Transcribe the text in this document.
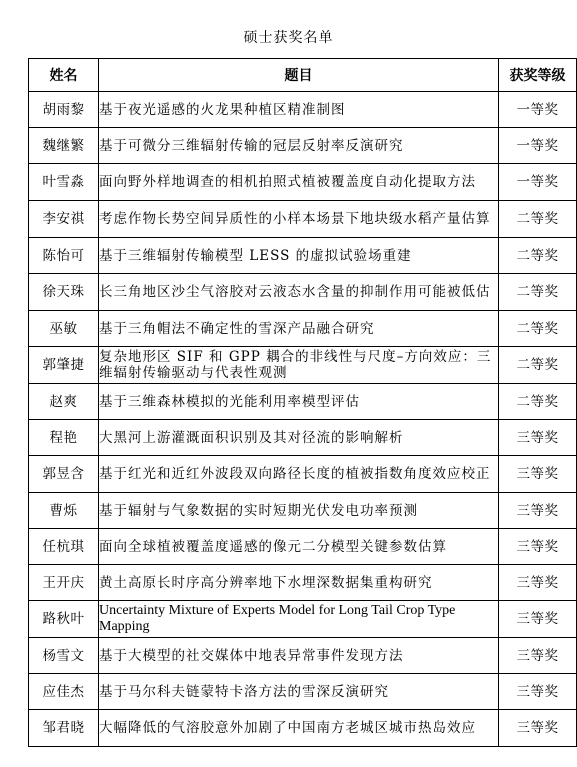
硕士获奖名单
姓名	题目	获奖等级
胡雨黎	基于夜光遥感的火龙果种植区精准制图	一等奖
魏继繁	基于可微分三维辐射传输的冠层反射率反演研究	一等奖
叶雪淼	面向野外样地调查的相机拍照式植被覆盖度自动化提取方法	一等奖
李安祺	考虑作物长势空间异质性的小样本场景下地块级水稻产量估算	二等奖
陈怡可	基于三维辐射传输模型 LESS 的虚拟试验场重建	二等奖
徐天珠	长三角地区沙尘气溶胶对云液态水含量的抑制作用可能被低估	二等奖
巫敏	基于三角帽法不确定性的雪深产品融合研究	二等奖
郭肇捷	复杂地形区 SIF 和 GPP 耦合的非线性与尺度–方向效应：三维辐射传输驱动与代表性观测	二等奖
赵爽	基于三维森林模拟的光能利用率模型评估	二等奖
程艳	大黑河上游灌溉面积识别及其对径流的影响解析	三等奖
郭昱含	基于红光和近红外波段双向路径长度的植被指数角度效应校正	三等奖
曹烁	基于辐射与气象数据的实时短期光伏发电功率预测	三等奖
任杭琪	面向全球植被覆盖度遥感的像元二分模型关键参数估算	三等奖
王开庆	黄土高原长时序高分辨率地下水埋深数据集重构研究	三等奖
路秋叶	Uncertainty Mixture of Experts Model for Long Tail Crop Type Mapping	三等奖
杨雪文	基于大模型的社交媒体中地表异常事件发现方法	三等奖
应佳杰	基于马尔科夫链蒙特卡洛方法的雪深反演研究	三等奖
邹君晓	大幅降低的气溶胶意外加剧了中国南方老城区城市热岛效应	三等奖
